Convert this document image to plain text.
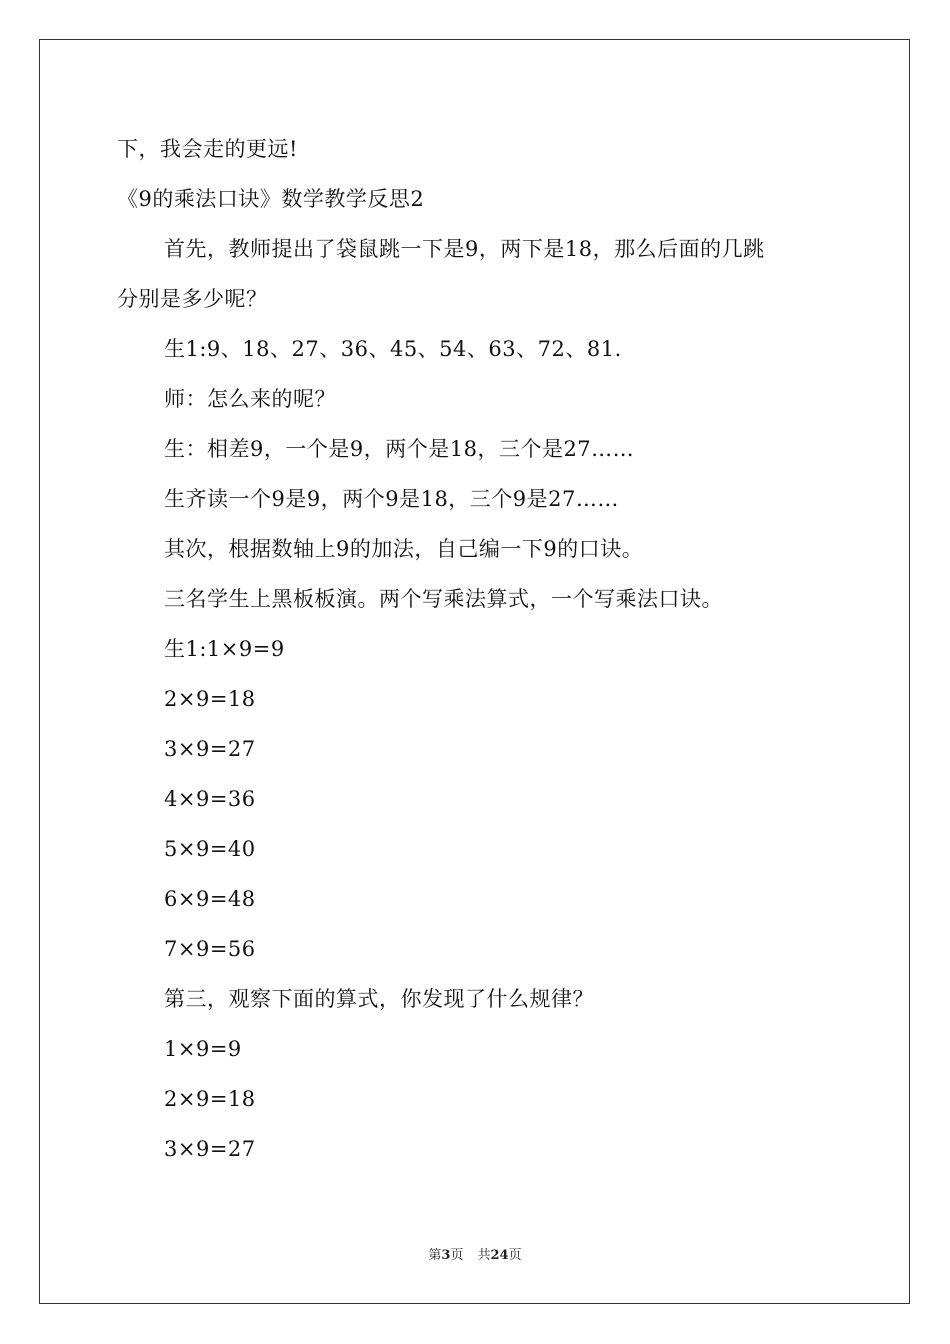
下，我会走的更远!
《9的乘法口诀》数学教学反思2
首先，教师提出了袋鼠跳一下是9，两下是18，那么后面的几跳
分别是多少呢？
生1:9、18、27、36、45、54、63、72、81.
师：怎么来的呢？
生：相差9，一个是9，两个是18，三个是27……
生齐读一个9是9，两个9是18，三个9是27……
其次，根据数轴上9的加法，自己编一下9的口诀。
三名学生上黑板板演。两个写乘法算式，一个写乘法口诀。
生1:1×9=9
2×9=18
3×9=27
4×9=36
5×9=40
6×9=48
7×9=56
第三，观察下面的算式，你发现了什么规律？
1×9=9
2×9=18
3×9=27
第3页 共24页
